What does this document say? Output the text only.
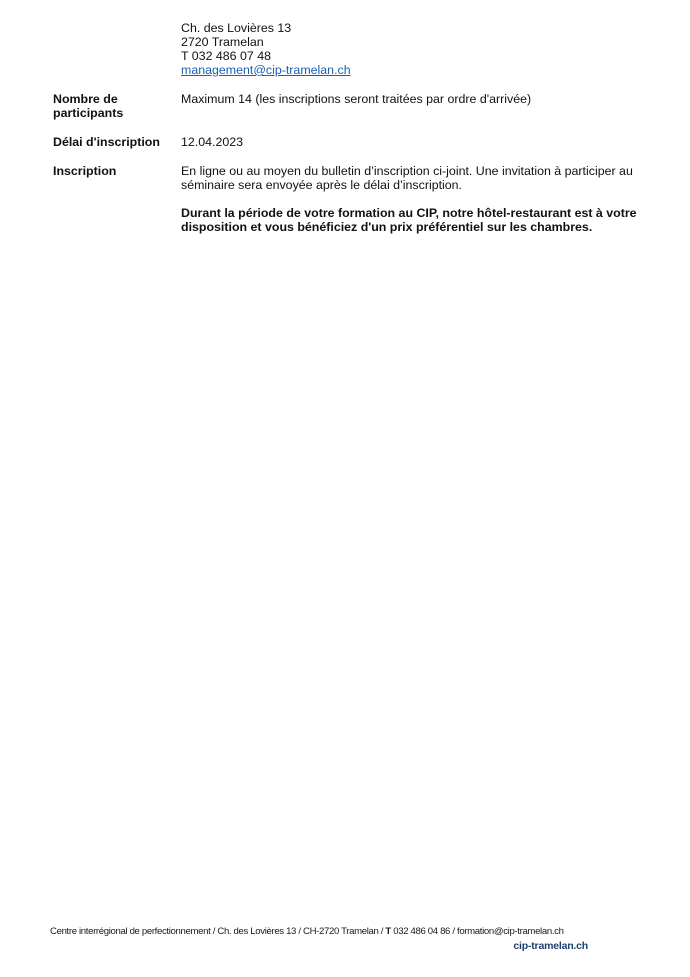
Ch. des Lovières 13
2720 Tramelan
T 032 486 07 48
management@cip-tramelan.ch
Nombre de participants
Maximum 14 (les inscriptions seront traitées par ordre d'arrivée)
Délai d'inscription	12.04.2023
Inscription	En ligne ou au moyen du bulletin d’inscription ci-joint. Une invitation à participer au séminaire sera envoyée après le délai d’inscription.
Durant la période de votre formation au CIP, notre hôtel-restaurant est à votre disposition et vous bénéficiez d'un prix préférentiel sur les chambres.
Centre interrégional de perfectionnement / Ch. des Lovières 13 / CH-2720 Tramelan / T 032 486 04 86 / formation@cip-tramelan.ch
cip-tramelan.ch
